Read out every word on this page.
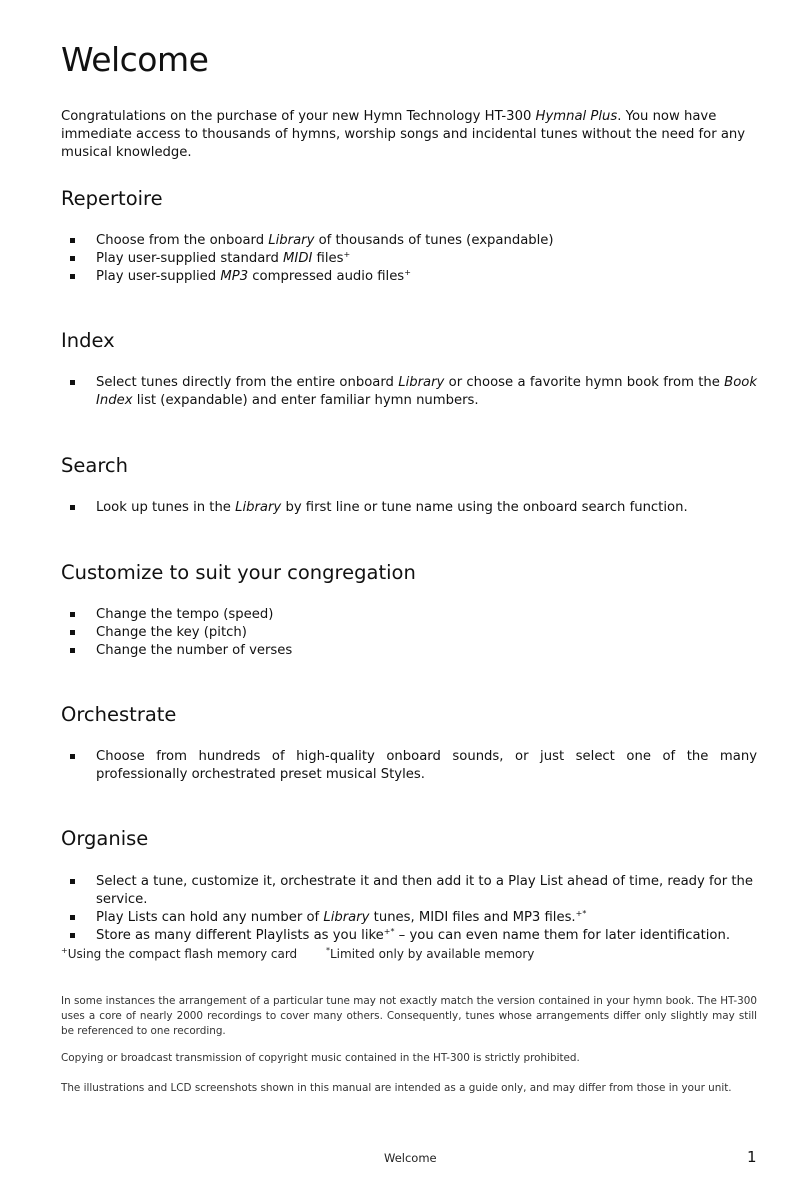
Welcome

Congratulations on the purchase of your new Hymn Technology HT-300 Hymnal Plus. You now have immediate access to thousands of hymns, worship songs and incidental tunes without the need for any musical knowledge.

Repertoire
Choose from the onboard Library of thousands of tunes (expandable)
Play user-supplied standard MIDI files+
Play user-supplied MP3 compressed audio files+
Index
Select tunes directly from the entire onboard Library or choose a favorite hymn book from the Book Index list (expandable) and enter familiar hymn numbers.
Search
Look up tunes in the Library by first line or tune name using the onboard search function.
Customize to suit your congregation
Change the tempo (speed)
Change the key (pitch)
Change the number of verses
Orchestrate
Choose from hundreds of high-quality onboard sounds, or just select one of the many professionally orchestrated preset musical Styles.
Organise
Select a tune, customize it, orchestrate it and then add it to a Play List ahead of time, ready for the service.
Play Lists can hold any number of Library tunes, MIDI files and MP3 files.+*
Store as many different Playlists as you like+* – you can even name them for later identification.
+Using the compact flash memory card	*Limited only by available memory

In some instances the arrangement of a particular tune may not exactly match the version contained in your hymn book. The HT-300 uses a core of nearly 2000 recordings to cover many others. Consequently, tunes whose arrangements differ only slightly may still be referenced to one recording.

Copying or broadcast transmission of copyright music contained in the HT-300 is strictly prohibited.

The illustrations and LCD screenshots shown in this manual are intended as a guide only, and may differ from those in your unit.

Welcome	1
